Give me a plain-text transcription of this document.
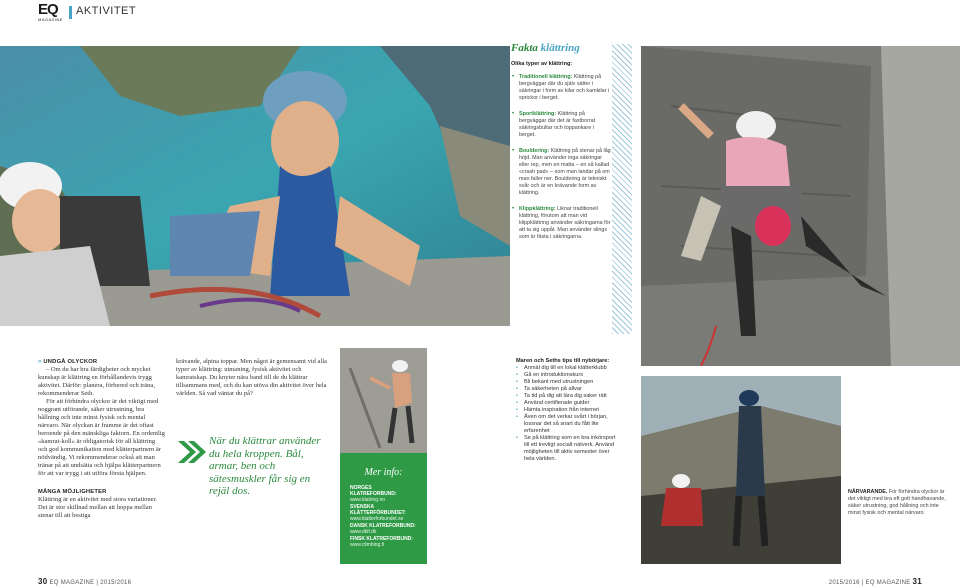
EQ
MAGAZINE
AKTIVITET
Fakta klättring
Olika typer av klättring:
• Traditionell klättring: Klättring på bergväggar där du själv sätter i säkringar i form av kilar och kamkilar i sprickor i berget.
• Sportklättring: Klättring på bergväggar där det är fastborrat säkringsbultar och toppankare i berget.
• Bouldering: Klättring på stenar på låg höjd. Man använder inga säkringar eller rep, men en matta – en så kallad «crash pad» – som man landar på om man faller ner. Bouldering är tekniskt svår och är en krävande form av klättring.
• Klippklättring: Liknar traditionell klättring, förutom att man vid klippklättring använder säkringarna för att ta sig uppåt. Man använder slings som är fästa i säkringarna.
> UNDGÅ OLYCKOR

– Om du har bra färdigheter och mycket kunskap är klättring en förhållandevis trygg aktivitet. Därför: planera, förbered och träna, rekommenderar Seth.

För att förhindra olyckor är det viktigt med noggrant utförande, säker utrustning, bra hållning och inte minst fysisk och mental närvaro. När olyckan är framme är det oftast beroende på den mänskliga faktorn. En ordentlig «kamrat-koll» är obligatorisk för all klättring och god kommunikation med klätterpartnern är nödvändig. Vi rekommenderar också att man tränar på att undsätta och hjälpa klätterpartnern för att var trygg i att utföra första hjälpen.

MÅNGA MÖJLIGHETER

Klättring är en aktivitet med stora variationer. Det är stor skillnad mellan att hoppa mellan stenar till att bestiga

krävande, alpina toppar. Men något är gemensamt vid alla typer av klättring: utmaning, fysisk aktivitet och kamratskap. Du knyter nära band till de du klättrar tillsammans med, och du kan utöva din aktivitet över hela världen. Så vad väntar du på?

När du klättrar använder du hela kroppen. Bål, armar, ben och sätesmuskler får sig en rejäl dos.
Mer info:
NORGES KLATREFORBUND:
www.klatring.no
SVENSKA KLÄTTERFÖRBUNDET:
www.klatterforbundet.se
DANSK KLATREFORBUND:
www.dklf.dk
FINSK KLATREFORBUND:
www.climbing.fi
Maren och Seths tips till nybörjare:
• Anmäl dig till en lokal klätterklubb
• Gå en introduktionskurs
• Bli bekant med utrustningen
• Ta säkerheten på allvar
• Ta tid på dig att lära dig saker rätt
• Använd certifierade guider
• Hämta inspiration från internet
• Även om det verkar svårt i början, lossnar det så snart du fått lite erfarenhet
• Se på klättring som en bra inkörsport till ett trevligt socialt nätverk. Använd möjligheten till aktiv semester över hela världen.
NÄRVARANDE. För förhindra olyckor är det viktigt med bra eft gott handhavande, säker utrustning, god hållning och inte minst fysisk och mental närvaro.
30 EQ MAGAZINE | 2015/2016	2015/2016 | EQ MAGAZINE 31
